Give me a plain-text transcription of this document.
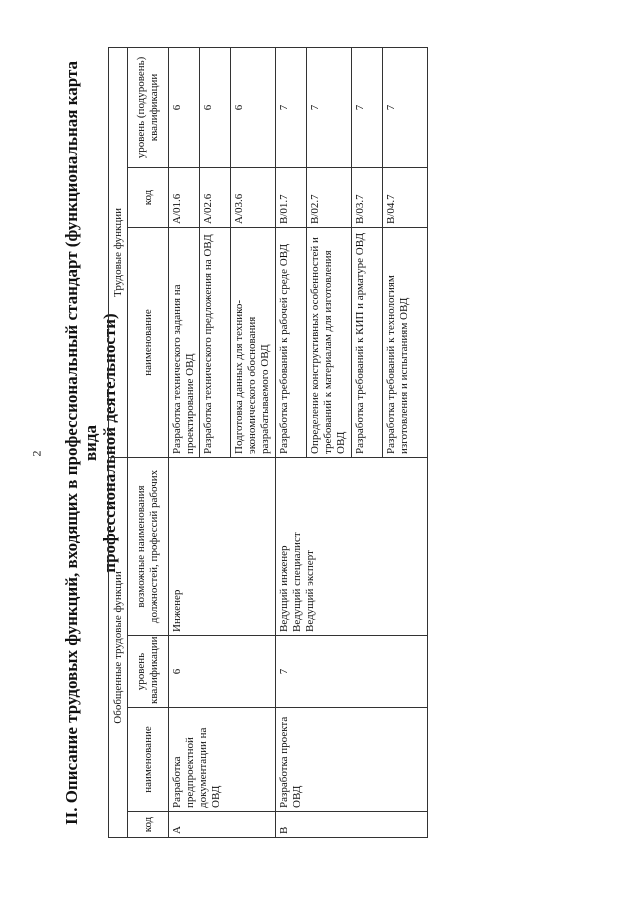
2 II. Описание трудовых функций, входящих в профессиональный стандарт (функциональная карта вида профессиональной деятельности)
Обобщенные трудовые функции				Трудовые функции		
код	наименование	уровень квалификации	возможные наименования должностей, профессий рабочих	наименование	код	уровень (подуровень) квалификации
A	Разработка предпроектной документации на ОВД	6	Инженер	Разработка технического задания на проектирование ОВД	A/01.6	6
				Разработка технического предложения на ОВД	A/02.6	6
				Подготовка данных для технико-экономического обоснования разрабатываемого ОВД	A/03.6	6
B	Разработка проекта ОВД	7	Ведущий инженер Ведущий специалист Ведущий эксперт	Разработка требований к рабочей среде ОВД	B/01.7	7
				Определение конструктивных особенностей и требований к материалам для изготовления ОВД	B/02.7	7
				Разработка требований к КИП и арматуре ОВД	B/03.7	7
				Разработка требований к технологиям изготовления и испытаниям ОВД	B/04.7	7
